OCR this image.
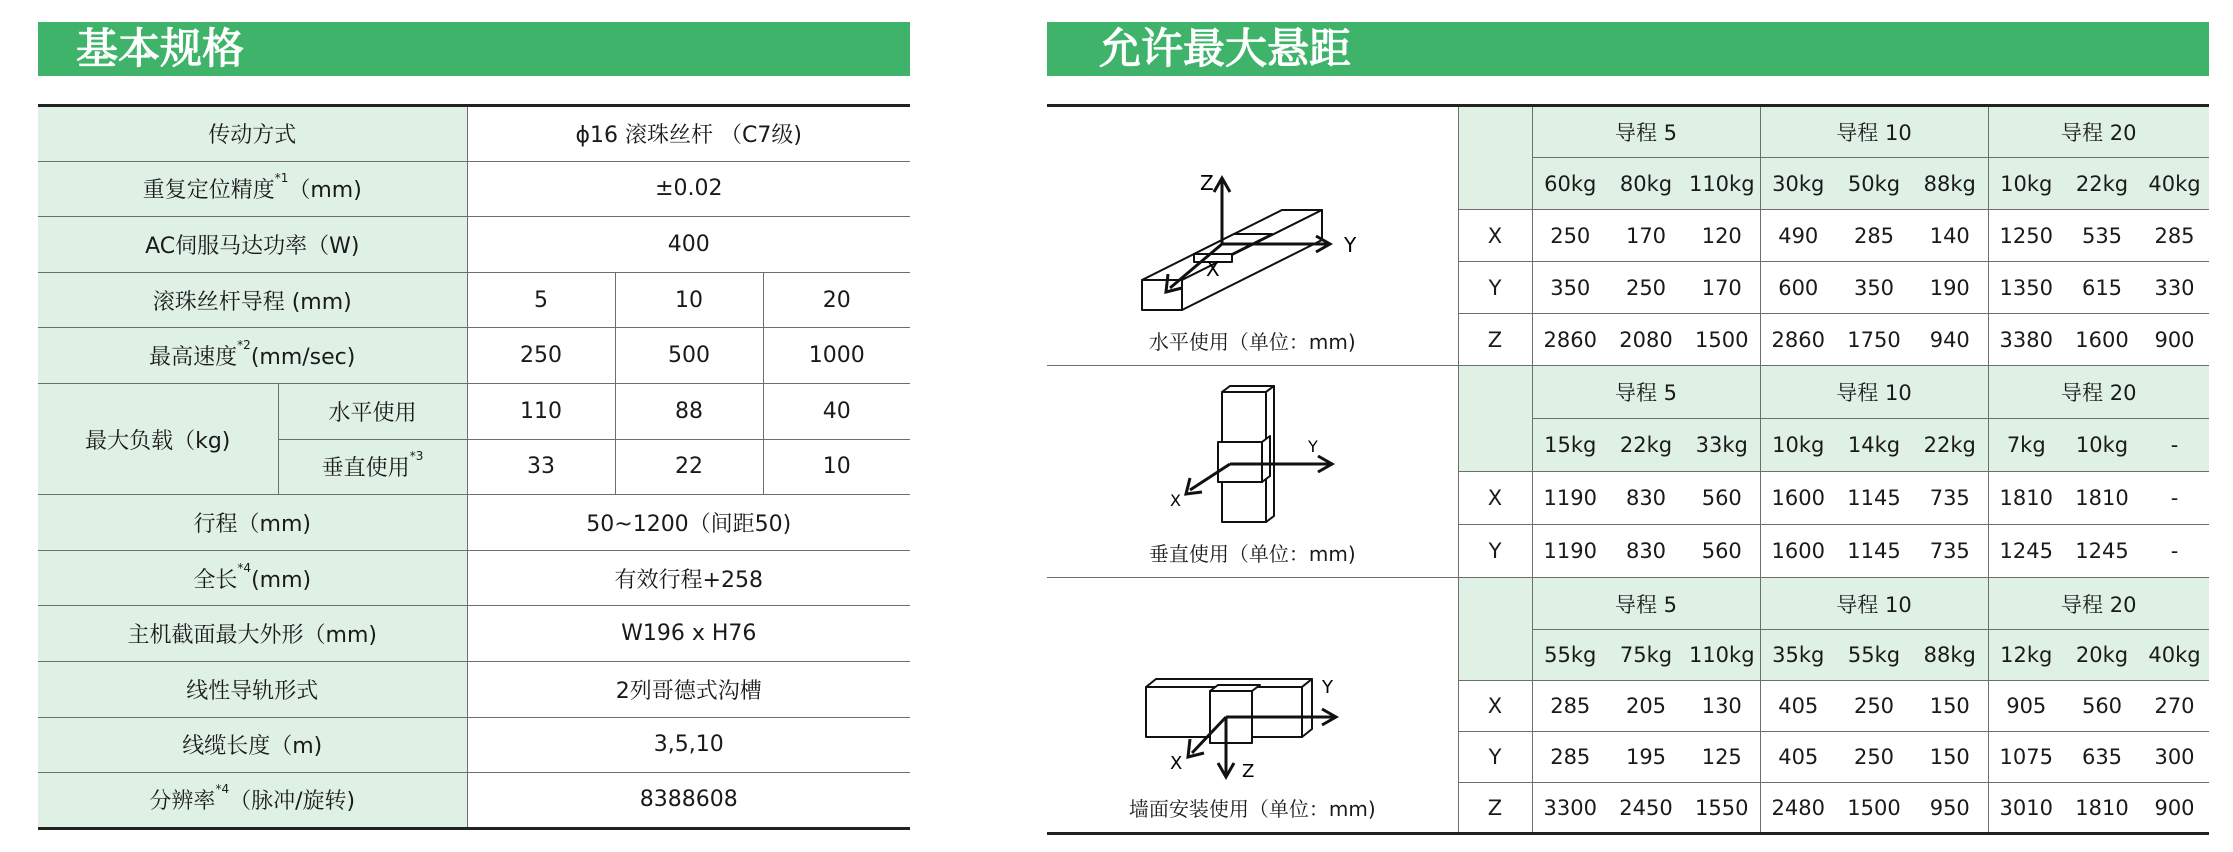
基本规格	允许最大悬距
传动方式		ϕ16 滚珠丝杆 （C7级)		
重复定位精度$^{*1}$（mm)		±0.02		
AC伺服马达功率（W)		400		
滚珠丝杆导程 (mm)		5	10	20
最高速度$^{*2}$(mm/sec)		250	500	1000
最大负载（kg)	水平使用	110	88	40
	垂直使用$^{*3}$	33	22	10
行程（mm)		50~1200（间距50)		
全长$^{*4}$(mm)		有效行程+258		
主机截面最大外形（mm)		W196 x H76		
线性导轨形式		2列哥德式沟槽		
线缆长度（m)		3,5,10		
分辨率$^{*4}$（脉冲/旋转)		8388608		
Z
Y
X
水平使用（单位：mm)		导程 5			导程 10			导程 20		
		60kg	80kg	110kg	30kg	50kg	88kg	10kg	22kg	40kg
	X	250	170	120	490	285	140	1250	535	285
	Y	350	250	170	600	350	190	1350	615	330
	Z	2860	2080	1500	2860	1750	940	3380	1600	900

Y
X
垂直使用（单位：mm)		导程 5			导程 10			导程 20		
		15kg	22kg	33kg	10kg	14kg	22kg	7kg	10kg	-
	X	1190	830	560	1600	1145	735	1810	1810	-
	Y	1190	830	560	1600	1145	735	1245	1245	-

Y
X Z
墙面安装使用（单位：mm)		导程 5			导程 10			导程 20		
		55kg	75kg	110kg	35kg	55kg	88kg	12kg	20kg	40kg
	X	285	205	130	405	250	150	905	560	270
	Y	285	195	125	405	250	150	1075	635	300
	Z	3300	2450	1550	2480	1500	950	3010	1810	900
